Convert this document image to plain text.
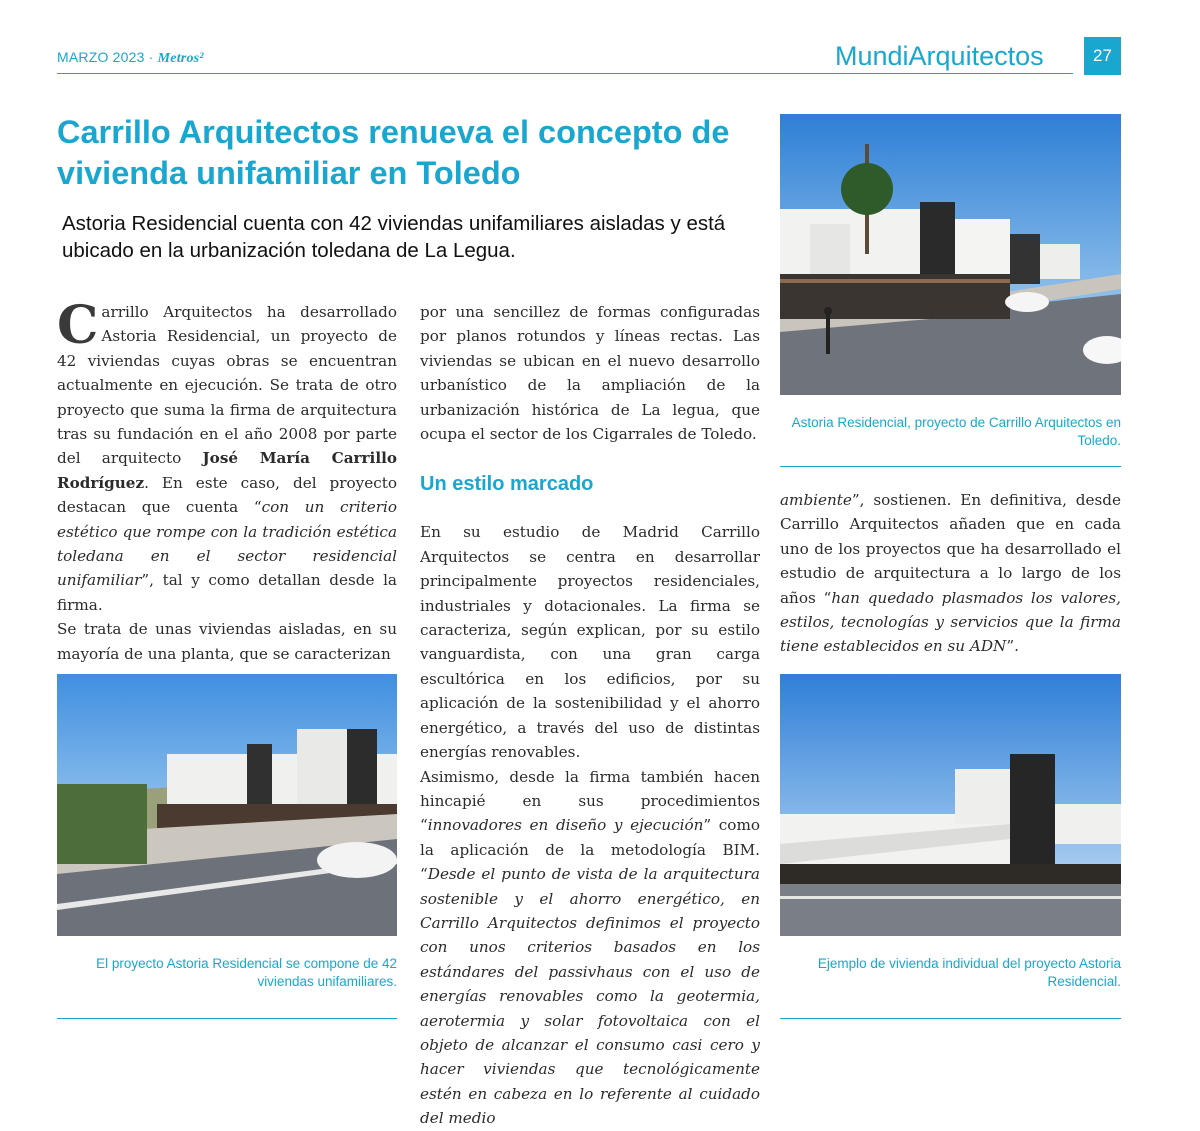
MARZO 2023 · Metros²	MundiArquitectos	27
Carrillo Arquitectos renueva el concepto de vivienda unifamiliar en Toledo

Astoria Residencial cuenta con 42 viviendas unifamiliares aisladas y está ubicado en la urbanización toledana de La Legua.

Carrillo Arquitectos ha desarrollado Astoria Residencial, un proyecto de 42 viviendas cuyas obras se encuentran actualmente en ejecución. Se trata de otro proyecto que suma la firma de arquitectura tras su fundación en el año 2008 por parte del arquitecto José María Carrillo Rodríguez. En este caso, del proyecto destacan que cuenta “con un criterio estético que rompe con la tradición estética toledana en el sector residencial unifamiliar”, tal y como detallan desde la firma.

Se trata de unas viviendas aisladas, en su mayoría de una planta, que se caracterizan

por una sencillez de formas configuradas por planos rotundos y líneas rectas. Las viviendas se ubican en el nuevo desarrollo urbanístico de la ampliación de la urbanización histórica de La legua, que ocupa el sector de los Cigarrales de Toledo.

Un estilo marcado

En su estudio de Madrid Carrillo Arquitectos se centra en desarrollar principalmente proyectos residenciales, industriales y dotacionales. La firma se caracteriza, según explican, por su estilo vanguardista, con una gran carga escultórica en los edificios, por su aplicación de la sostenibilidad y el ahorro energético, a través del uso de distintas energías renovables.

Asimismo, desde la firma también hacen hincapié en sus procedimientos “innovadores en diseño y ejecución” como la aplicación de la metodología BIM. “Desde el punto de vista de la arquitectura sostenible y el ahorro energético, en Carrillo Arquitectos definimos el proyecto con unos criterios basados en los estándares del passivhaus con el uso de energías renovables como la geotermia, aerotermia y solar fotovoltaica con el objeto de alcanzar el consumo casi cero y hacer viviendas que tecnológicamente estén en cabeza en lo referente al cuidado del medio

ambiente”, sostienen. En definitiva, desde Carrillo Arquitectos añaden que en cada uno de los proyectos que ha desarrollado el estudio de arquitectura a lo largo de los años “han quedado plasmados los valores, estilos, tecnologías y servicios que la firma tiene establecidos en su ADN”.

Astoria Residencial, proyecto de Carrillo Arquitectos en Toledo.

El proyecto Astoria Residencial se compone de 42 viviendas unifamiliares.

Ejemplo de vivienda individual del proyecto Astoria Residencial.
